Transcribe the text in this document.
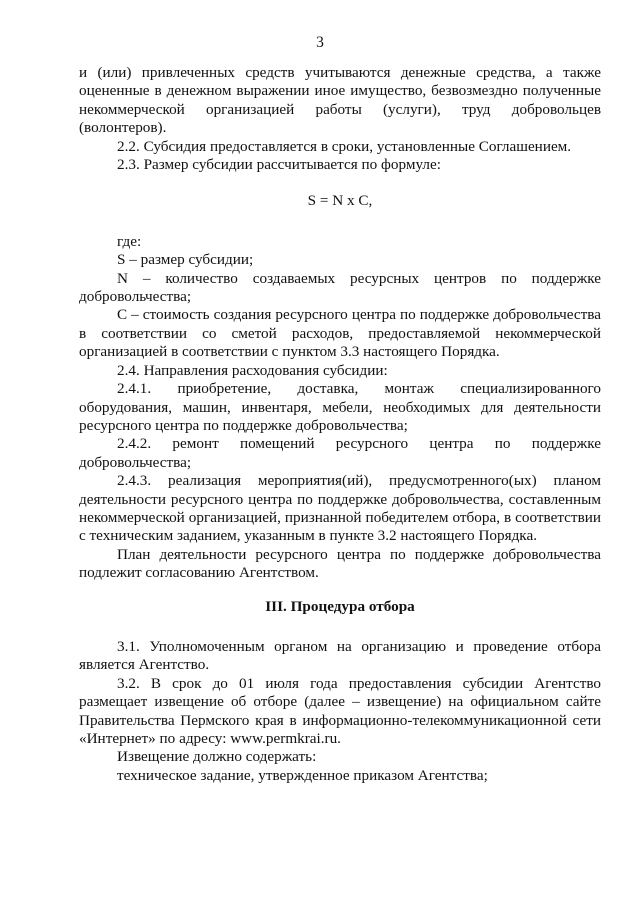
3

и (или) привлеченных средств учитываются денежные средства, а также оцененные в денежном выражении иное имущество, безвозмездно полученные некоммерческой организацией работы (услуги), труд добровольцев (волонтеров).

2.2. Субсидия предоставляется в сроки, установленные Соглашением.

2.3. Размер субсидии рассчитывается по формуле:

S = N x C,

где:

S – размер субсидии;

N – количество создаваемых ресурсных центров по поддержке добровольчества;

C – стоимость создания ресурсного центра по поддержке добровольчества в соответствии со сметой расходов, предоставляемой некоммерческой организацией в соответствии с пунктом 3.3 настоящего Порядка.

2.4. Направления расходования субсидии:

2.4.1. приобретение, доставка, монтаж специализированного оборудования, машин, инвентаря, мебели, необходимых для деятельности ресурсного центра по поддержке добровольчества;

2.4.2. ремонт помещений ресурсного центра по поддержке добровольчества;

2.4.3. реализация мероприятия(ий), предусмотренного(ых) планом деятельности ресурсного центра по поддержке добровольчества, составленным некоммерческой организацией, признанной победителем отбора, в соответствии с техническим заданием, указанным в пункте 3.2 настоящего Порядка.

План деятельности ресурсного центра по поддержке добровольчества подлежит согласованию Агентством.

III. Процедура отбора

3.1. Уполномоченным органом на организацию и проведение отбора является Агентство.

3.2. В срок до 01 июля года предоставления субсидии Агентство размещает извещение об отборе (далее – извещение) на официальном сайте Правительства Пермского края в информационно-телекоммуникационной сети «Интернет» по адресу: www.permkrai.ru.

Извещение должно содержать:

техническое задание, утвержденное приказом Агентства;
